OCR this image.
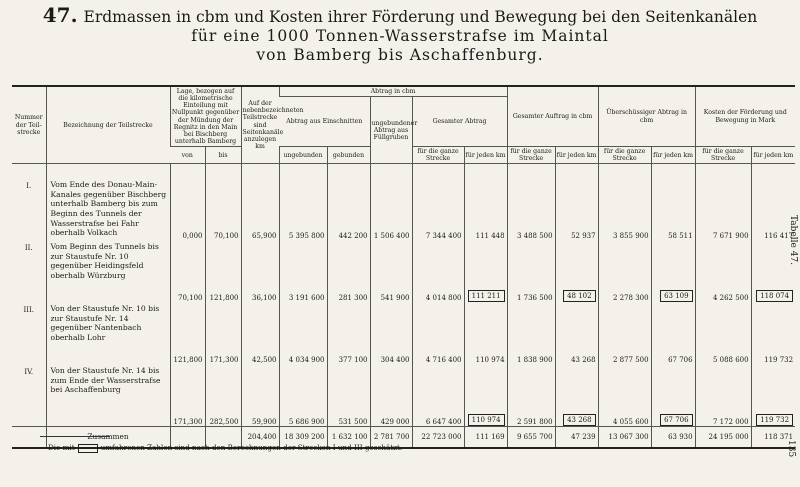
47. Erdmassen in cbm und Kosten ihrer Förderung und Bewegung bei den Seitenkanälen
für eine 1000 Tonnen-Wasserstrafse im Maintal
von Bamberg bis Aschaffenburg.
Tabelle 47.
135
Nummer der Teil-strecke	Bezeichnung der Teilstrecke	Lage, bezogen auf die kilometrische Einteilung mit Nullpunkt gegenüber der Mündung der Regnitz in den Main bei Bischberg unterhalb Bamberg		Auf der nebenbezeichneten Teilstrecke sind Seitenkanäle anzulegen km	Abtrag in cbm					Gesamter Auftrag in cbm		Überschüssiger Abtrag in cbm		Kosten der Förderung und Bewegung in Mark	
					Abtrag aus Einschnitten		ungebundener Abtrag aus Füllgruben	Gesamter Abtrag							
		von	bis		ungebunden	gebunden		für die ganze Strecke	für jeden km	für die ganze Strecke	für jeden km	für die ganze Strecke	für jeden km	für die ganze Strecke	für jeden km

I.	Vom Ende des Donau-Main-Kanales gegenüber Bischberg unterhalb Bamberg bis zum Beginn des Tunnels der Wasserstrafse bei Fahr oberhalb Volkach	0,000	70,100	65,900	5 395 800	442 200	1 506 400	7 344 400	111 448	3 488 500	52 937	3 855 900	58 511	7 671 900	116 417
II.	Vom Beginn des Tunnels bis zur Staustufe Nr. 10 gegenüber Heidingsfeld oberhalb Würzburg	70,100	121,800	36,100	3 191 600	281 300	541 900	4 014 800	111 211	1 736 500	48 102	2 278 300	63 109	4 262 500	118 074
III.	Von der Staustufe Nr. 10 bis zur Staustufe Nr. 14 gegenüber Nantenbach oberhalb Lohr	121,800	171,300	42,500	4 034 900	377 100	304 400	4 716 400	110 974	1 838 900	43 268	2 877 500	67 706	5 088 600	119 732
IV.	Von der Staustufe Nr. 14 bis zum Ende der Wasserstrafse bei Aschaffenburg	171,300	282,500	59,900	5 686 900	531 500	429 000	6 647 400	110 974	2 591 800	43 268	4 055 600	67 706	7 172 000	119 732
	Zusammen			204,400	18 309 200	1 632 100	2 781 700	22 723 000	111 169	9 655 700	47 239	13 067 300	63 930	24 195 000	118 371
Die mit	umfahrenen Zahlen sind nach den Berechnungen der Strecken I und III geschätzt.
